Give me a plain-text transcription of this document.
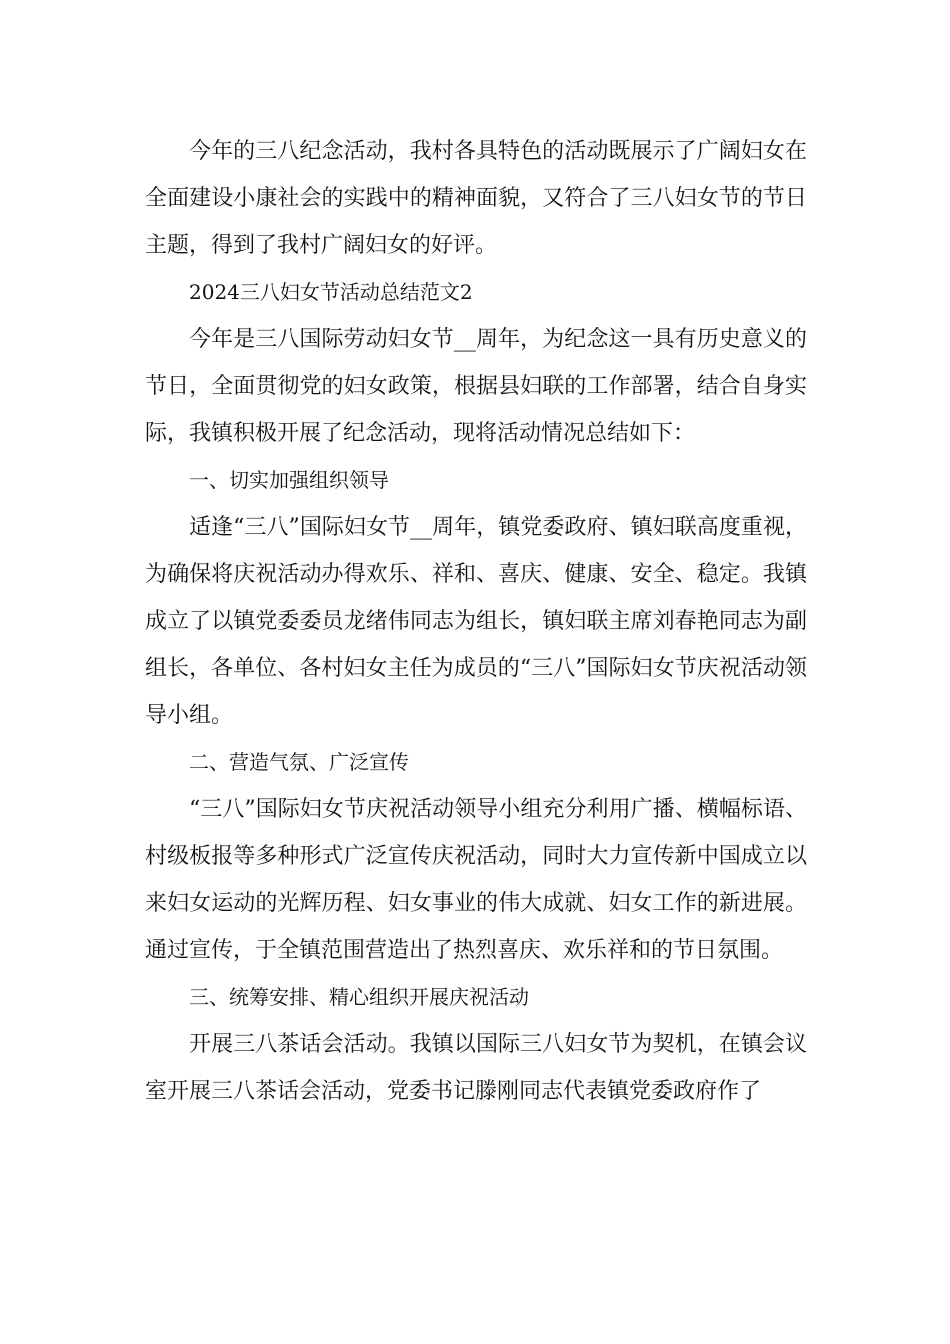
今年的三八纪念活动，我村各具特色的活动既展示了广阔妇女在全面建设小康社会的实践中的精神面貌，又符合了三八妇女节的节日主题，得到了我村广阔妇女的好评。

2024三八妇女节活动总结范文2

今年是三八国际劳动妇女节__周年，为纪念这一具有历史意义的节日，全面贯彻党的妇女政策，根据县妇联的工作部署，结合自身实际，我镇积极开展了纪念活动，现将活动情况总结如下：

一、切实加强组织领导

适逢“三八”国际妇女节__周年，镇党委政府、镇妇联高度重视，为确保将庆祝活动办得欢乐、祥和、喜庆、健康、安全、稳定。我镇成立了以镇党委委员龙绪伟同志为组长，镇妇联主席刘春艳同志为副组长，各单位、各村妇女主任为成员的“三八”国际妇女节庆祝活动领导小组。

二、营造气氛、广泛宣传

“三八”国际妇女节庆祝活动领导小组充分利用广播、横幅标语、村级板报等多种形式广泛宣传庆祝活动，同时大力宣传新中国成立以来妇女运动的光辉历程、妇女事业的伟大成就、妇女工作的新进展。通过宣传，于全镇范围营造出了热烈喜庆、欢乐祥和的节日氛围。

三、统筹安排、精心组织开展庆祝活动

开展三八茶话会活动。我镇以国际三八妇女节为契机，在镇会议室开展三八茶话会活动，党委书记滕刚同志代表镇党委政府作了
